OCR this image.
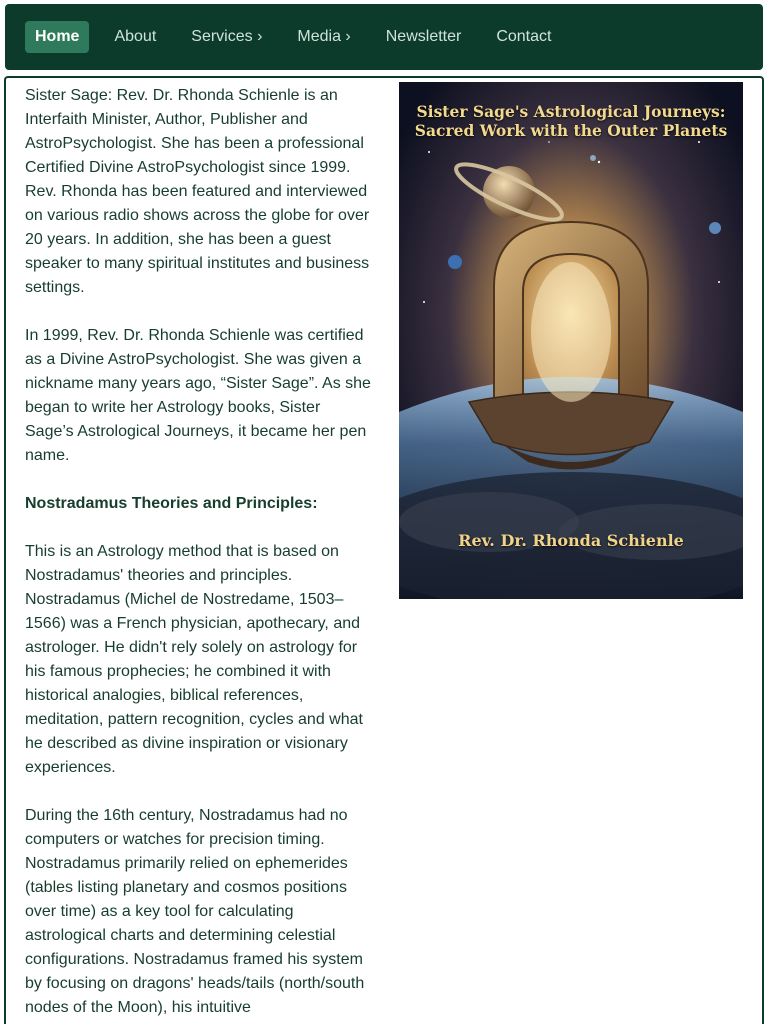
Home	About	Services ›	Media ›	Newsletter	Contact

Sister Sage: Rev. Dr. Rhonda Schienle is an Interfaith Minister, Author, Publisher and AstroPsychologist. She has been a professional Certified Divine AstroPsychologist since 1999. Rev. Rhonda has been featured and interviewed on various radio shows across the globe for over 20 years. In addition, she has been a guest speaker to many spiritual institutes and business settings.

In 1999, Rev. Dr. Rhonda Schienle was certified as a Divine AstroPsychologist. She was given a nickname many years ago, “Sister Sage”. As she began to write her Astrology books, Sister Sage’s Astrological Journeys, it became her pen name.

Nostradamus Theories and Principles:

This is an Astrology method that is based on Nostradamus' theories and principles. Nostradamus (Michel de Nostredame, 1503–1566) was a French physician, apothecary, and astrologer. He didn't rely solely on astrology for his famous prophecies; he combined it with historical analogies, biblical references, meditation, pattern recognition, cycles and what he described as divine inspiration or visionary experiences.

During the 16th century, Nostradamus had no computers or watches for precision timing. Nostradamus primarily relied on ephemerides (tables listing planetary and cosmos positions over time) as a key tool for calculating astrological charts and determining celestial configurations. Nostradamus framed his system by focusing on dragons' heads/tails (north/south nodes of the Moon), his intuitive

Sister Sage's Astrological Journeys:
Sacred Work with the Outer Planets
Rev. Dr. Rhonda Schienle
